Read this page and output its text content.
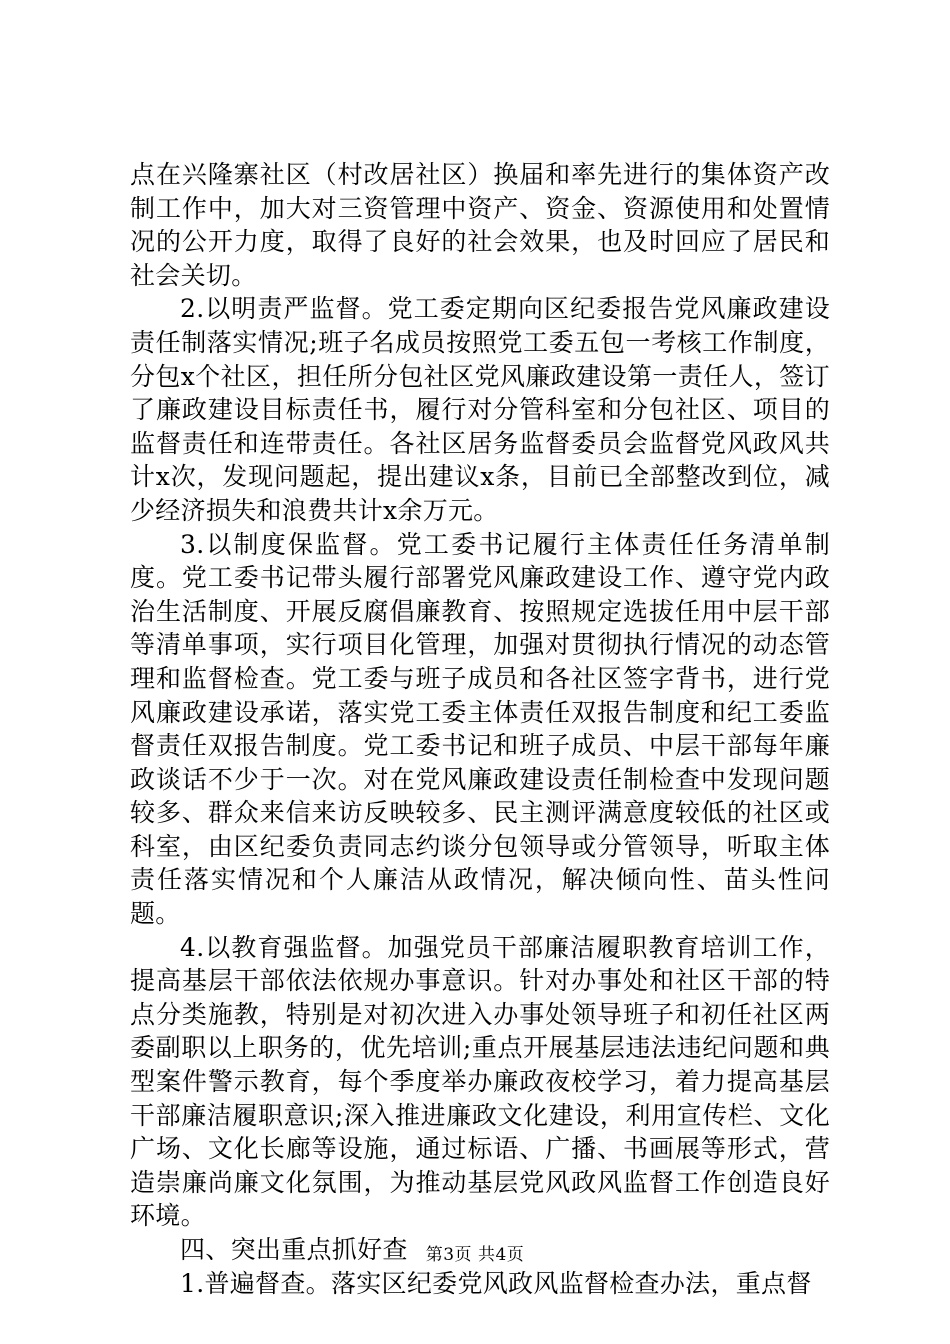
点在兴隆寨社区（村改居社区）换届和率先进行的集体资产改制工作中，加大对三资管理中资产、资金、资源使用和处置情况的公开力度，取得了良好的社会效果，也及时回应了居民和社会关切。

2.以明责严监督。党工委定期向区纪委报告党风廉政建设责任制落实情况;班子名成员按照党工委五包一考核工作制度，分包x个社区，担任所分包社区党风廉政建设第一责任人，签订了廉政建设目标责任书，履行对分管科室和分包社区、项目的监督责任和连带责任。各社区居务监督委员会监督党风政风共计x次，发现问题起，提出建议x条，目前已全部整改到位，减少经济损失和浪费共计x余万元。

3.以制度保监督。党工委书记履行主体责任任务清单制度。党工委书记带头履行部署党风廉政建设工作、遵守党内政治生活制度、开展反腐倡廉教育、按照规定选拔任用中层干部等清单事项，实行项目化管理，加强对贯彻执行情况的动态管理和监督检查。党工委与班子成员和各社区签字背书，进行党风廉政建设承诺，落实党工委主体责任双报告制度和纪工委监督责任双报告制度。党工委书记和班子成员、中层干部每年廉政谈话不少于一次。对在党风廉政建设责任制检查中发现问题较多、群众来信来访反映较多、民主测评满意度较低的社区或科室，由区纪委负责同志约谈分包领导或分管领导，听取主体责任落实情况和个人廉洁从政情况，解决倾向性、苗头性问题。

4.以教育强监督。加强党员干部廉洁履职教育培训工作，提高基层干部依法依规办事意识。针对办事处和社区干部的特点分类施教，特别是对初次进入办事处领导班子和初任社区两委副职以上职务的，优先培训;重点开展基层违法违纪问题和典型案件警示教育，每个季度举办廉政夜校学习，着力提高基层干部廉洁履职意识;深入推进廉政文化建设，利用宣传栏、文化广场、文化长廊等设施，通过标语、广播、书画展等形式，营造崇廉尚廉文化氛围，为推动基层党风政风监督工作创造良好环境。

四、突出重点抓好查

1.普遍督查。落实区纪委党风政风监督检查办法，重点督

第3页 共4页
